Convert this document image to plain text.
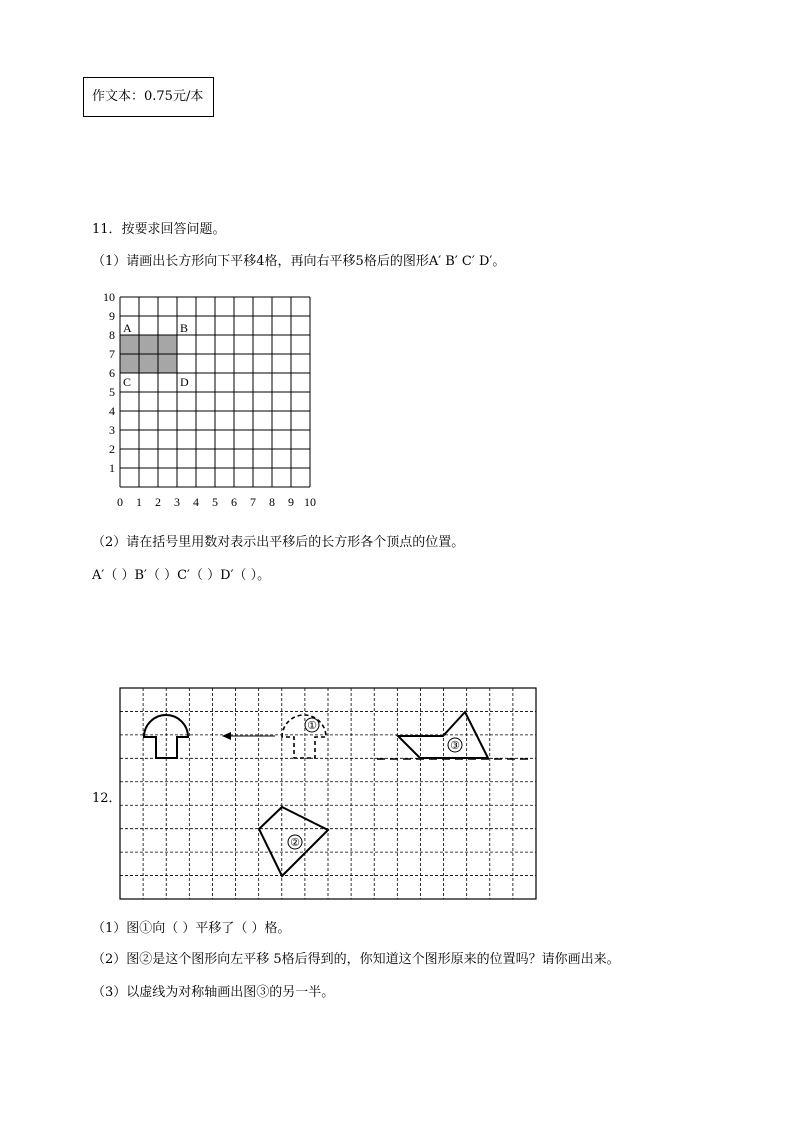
作文本：0.75元/本
11．按要求回答问题。
（1）请画出长方形向下平移4格，再向右平移5格后的图形A′ B′ C′ D′。
0 1 2 3 4 5 6 7 8 9 10
1
2
3
4
5
6
7
8
9
10
A	B
C	D
（2）请在括号里用数对表示出平移后的长方形各个顶点的位置。
A′（ ）B′（ ）C′（ ）D′（ ）。
12．
①
③
②
（1）图①向（ ）平移了（ ）格。
（2）图②是这个图形向左平移 5格后得到的，你知道这个图形原来的位置吗？请你画出来。
（3）以虚线为对称轴画出图③的另一半。
